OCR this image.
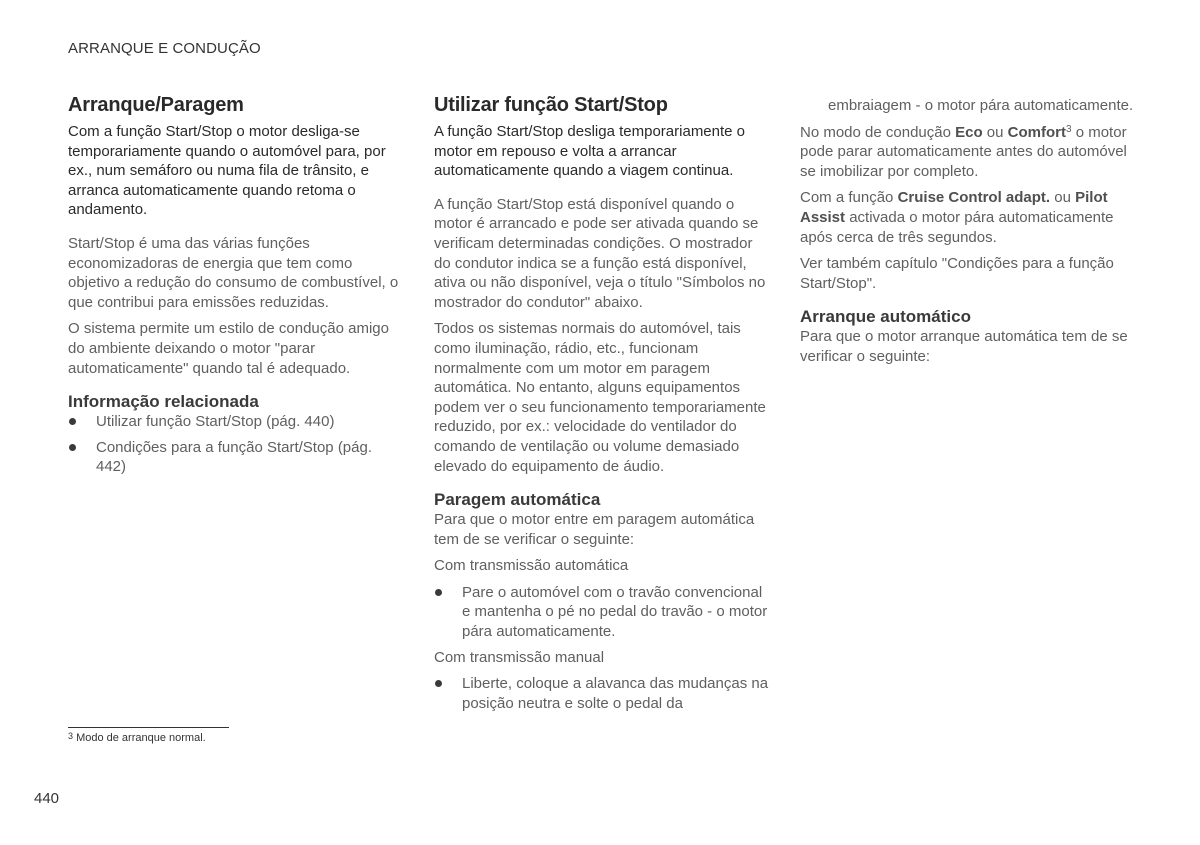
ARRANQUE E CONDUÇÃO
Arranque/Paragem

Com a função Start/Stop o motor desliga-se temporariamente quando o automóvel para, por ex., num semáforo ou numa fila de trânsito, e arranca automaticamente quando retoma o andamento.

Start/Stop é uma das várias funções economizadoras de energia que tem como objetivo a redução do consumo de combustível, o que contribui para emissões reduzidas.

O sistema permite um estilo de condução amigo do ambiente deixando o motor "parar automaticamente" quando tal é adequado.

Informação relacionada
Utilizar função Start/Stop (pág. 440)
Condições para a função Start/Stop (pág. 442)
Utilizar função Start/Stop

A função Start/Stop desliga temporariamente o motor em repouso e volta a arrancar automaticamente quando a viagem continua.

A função Start/Stop está disponível quando o motor é arrancado e pode ser ativada quando se verificam determinadas condições. O mostrador do condutor indica se a função está disponível, ativa ou não disponível, veja o título "Símbolos no mostrador do condutor" abaixo.

Todos os sistemas normais do automóvel, tais como iluminação, rádio, etc., funcionam normalmente com um motor em paragem automática. No entanto, alguns equipamentos podem ver o seu funcionamento temporariamente reduzido, por ex.: velocidade do ventilador do comando de ventilação ou volume demasiado elevado do equipamento de áudio.

Paragem automática

Para que o motor entre em paragem automática tem de se verificar o seguinte:

Com transmissão automática

Pare o automóvel com o travão convencional e mantenha o pé no pedal do travão - o motor pára automaticamente.

Com transmissão manual

Liberte, coloque a alavanca das mudanças na posição neutra e solte o pedal da

embraiagem - o motor pára automaticamente.

No modo de condução Eco ou Comfort$^3$ o motor pode parar automaticamente antes do automóvel se imobilizar por completo.

Com a função Cruise Control adapt. ou Pilot Assist activada o motor pára automaticamente após cerca de três segundos.

Ver também capítulo "Condições para a função Start/Stop".

Arranque automático

Para que o motor arranque automática tem de se verificar o seguinte:

$^3$ Modo de arranque normal.
440
